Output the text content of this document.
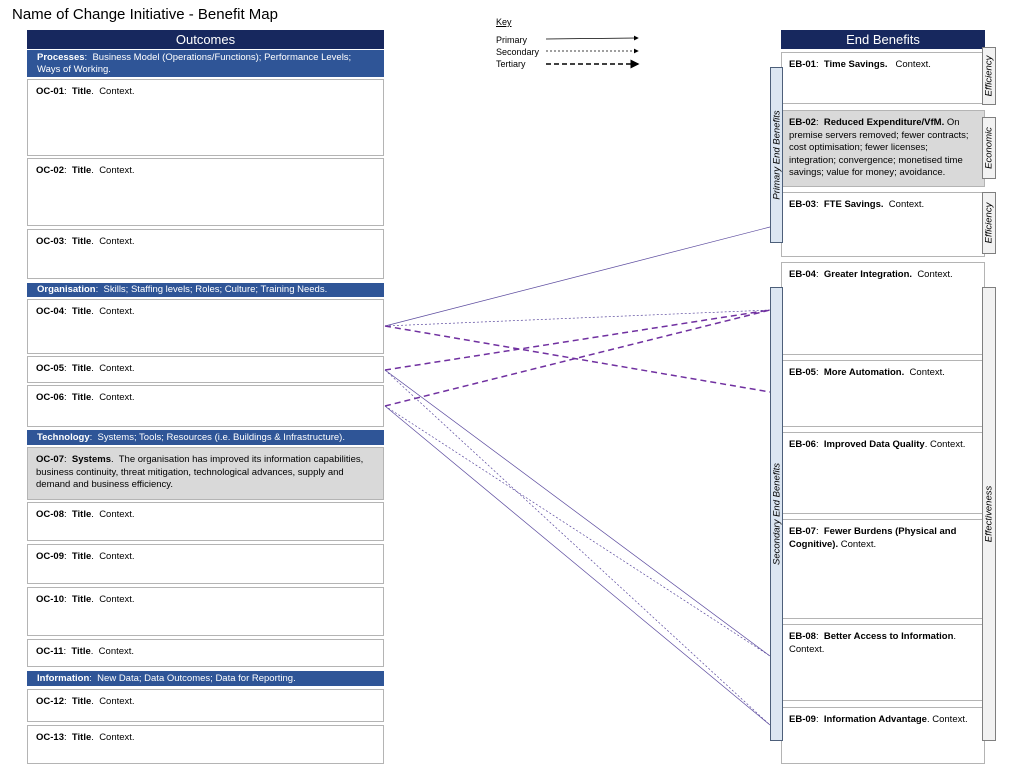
Name of Change Initiative - Benefit Map	Key
Primary
Secondary
Tertiary
Outcomes
Processes:  Business Model (Operations/Functions); Performance Levels; Ways of Working.
OC-01:  Title.  Context.
OC-02:  Title.  Context.
OC-03:  Title.  Context.
Organisation:  Skills; Staffing levels; Roles; Culture; Training Needs.
OC-04:  Title.  Context.
OC-05:  Title.  Context.
OC-06:  Title.  Context.
Technology:  Systems; Tools; Resources (i.e. Buildings & Infrastructure).
OC-07:  Systems.  The organisation has improved its information capabilities, business continuity, threat mitigation, technological advances, supply and demand and business efficiency.
OC-08:  Title.  Context.
OC-09:  Title.  Context.
OC-10:  Title.  Context.
OC-11:  Title.  Context.
Information:  New Data; Data Outcomes; Data for Reporting.
OC-12:  Title.  Context.
OC-13:  Title.  Context.
End Benefits
EB-01:  Time Savings. Context.
EB-02:  Reduced Expenditure/VfM. On premise servers removed; fewer contracts; cost optimisation; fewer licenses; integration; convergence; monetised time savings; value for money; avoidance.
EB-03:  FTE Savings. Context.
EB-04:  Greater Integration. Context.
EB-05:  More Automation. Context.
EB-06:  Improved Data Quality. Context.
EB-07:  Fewer Burdens (Physical and Cognitive). Context.
EB-08:  Better Access to Information. Context.
EB-09:  Information Advantage. Context.
Primary End Benefits
Secondary End Benefits
Efficiency
Economic
Efficiency
Effectiveness
